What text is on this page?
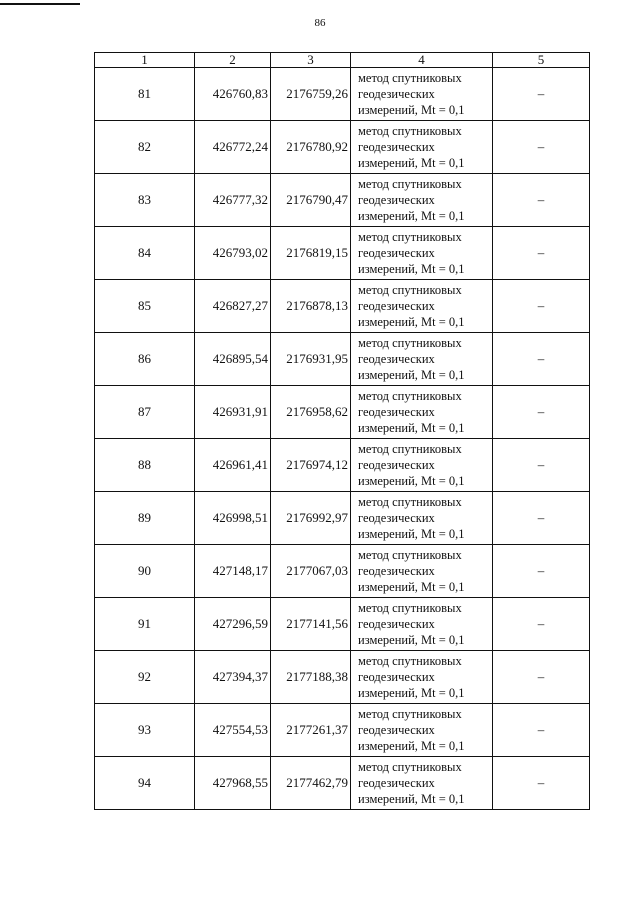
86
1	2	3	4	5
81	426760,83	2176759,26	метод спутниковых
геодезических
измерений, Mt = 0,1	–
82	426772,24	2176780,92	метод спутниковых
геодезических
измерений, Mt = 0,1	–
83	426777,32	2176790,47	метод спутниковых
геодезических
измерений, Mt = 0,1	–
84	426793,02	2176819,15	метод спутниковых
геодезических
измерений, Mt = 0,1	–
85	426827,27	2176878,13	метод спутниковых
геодезических
измерений, Mt = 0,1	–
86	426895,54	2176931,95	метод спутниковых
геодезических
измерений, Mt = 0,1	–
87	426931,91	2176958,62	метод спутниковых
геодезических
измерений, Mt = 0,1	–
88	426961,41	2176974,12	метод спутниковых
геодезических
измерений, Mt = 0,1	–
89	426998,51	2176992,97	метод спутниковых
геодезических
измерений, Mt = 0,1	–
90	427148,17	2177067,03	метод спутниковых
геодезических
измерений, Mt = 0,1	–
91	427296,59	2177141,56	метод спутниковых
геодезических
измерений, Mt = 0,1	–
92	427394,37	2177188,38	метод спутниковых
геодезических
измерений, Mt = 0,1	–
93	427554,53	2177261,37	метод спутниковых
геодезических
измерений, Mt = 0,1	–
94	427968,55	2177462,79	метод спутниковых
геодезических
измерений, Mt = 0,1	–
